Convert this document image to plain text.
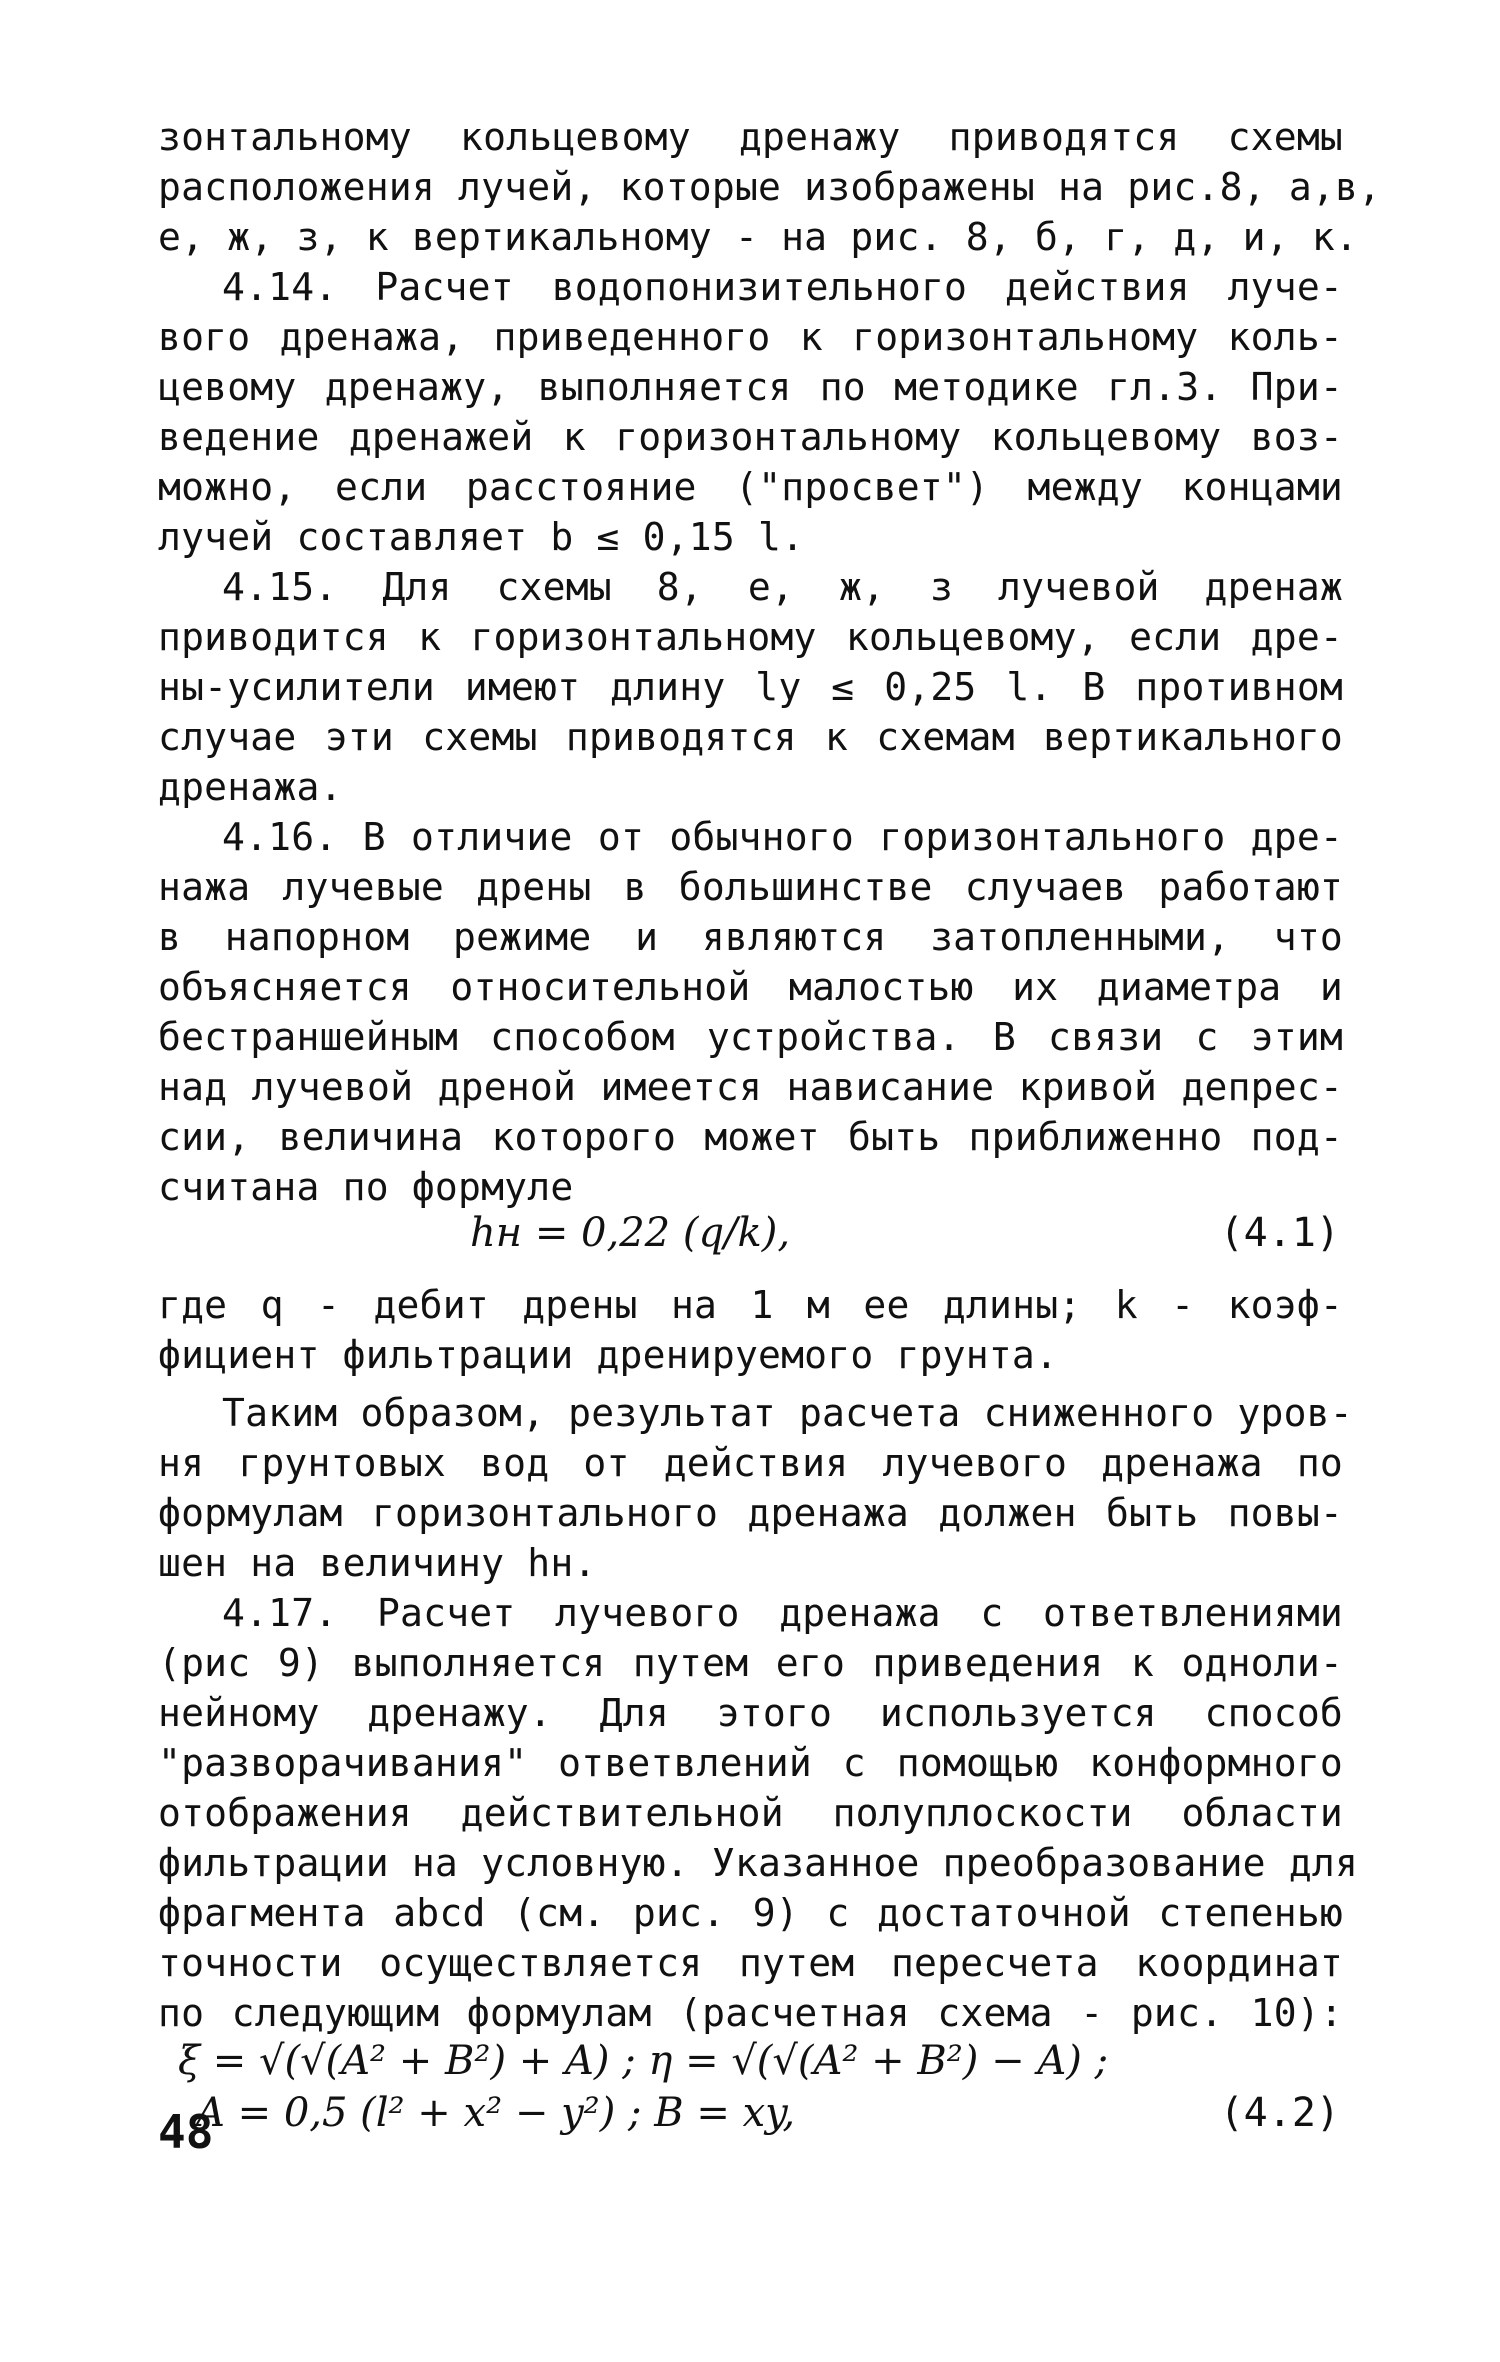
зонтальному кольцевому дренажу приводятся схемы
расположения лучей, которые изображены на рис.8, а,в,
е, ж, з, к вертикальному - на рис. 8, б, г, д, и, к.
4.14. Расчет водопонизительного действия луче-
вого дренажа, приведенного к горизонтальному коль-
цевому дренажу, выполняется по методике гл.3. При-
ведение дренажей к горизонтальному кольцевому воз-
можно, если расстояние ("просвет") между концами
лучей составляет b ≤ 0,15 l.
4.15. Для схемы 8, е, ж, з лучевой дренаж
приводится к горизонтальному кольцевому, если дре-
ны-усилители имеют длину lу ≤ 0,25 l. В противном
случае эти схемы приводятся к схемам вертикального
дренажа.
4.16. В отличие от обычного горизонтального дре-
нажа лучевые дрены в большинстве случаев работают
в напорном режиме и являются затопленными, что
объясняется относительной малостью их диаметра и
бестраншейным способом устройства. В связи с этим
над лучевой дреной имеется нависание кривой депрес-
сии, величина которого может быть приближенно под-
считана по формуле
hн = 0,22 (q/k),	(4.1)
где q - дебит дрены на 1 м ее длины; k - коэф-
фициент фильтрации дренируемого грунта.
Таким образом, результат расчета сниженного уров-
ня грунтовых вод от действия лучевого дренажа по
формулам горизонтального дренажа должен быть повы-
шен на величину hн.
4.17. Расчет лучевого дренажа с ответвлениями
(рис 9) выполняется путем его приведения к одноли-
нейному дренажу. Для этого используется способ
"разворачивания" ответвлений с помощью конформного
отображения действительной полуплоскости области
фильтрации на условную. Указанное преобразование для
фрагмента abcd (см. рис. 9) с достаточной степенью
точности осуществляется путем пересчета координат
по следующим формулам (расчетная схема - рис. 10):
ξ = √(√(A² + B²) + A) ; η = √(√(A² + B²) − A) ;
A = 0,5 (l² + x² − y²) ; B = xy,	(4.2)
48
